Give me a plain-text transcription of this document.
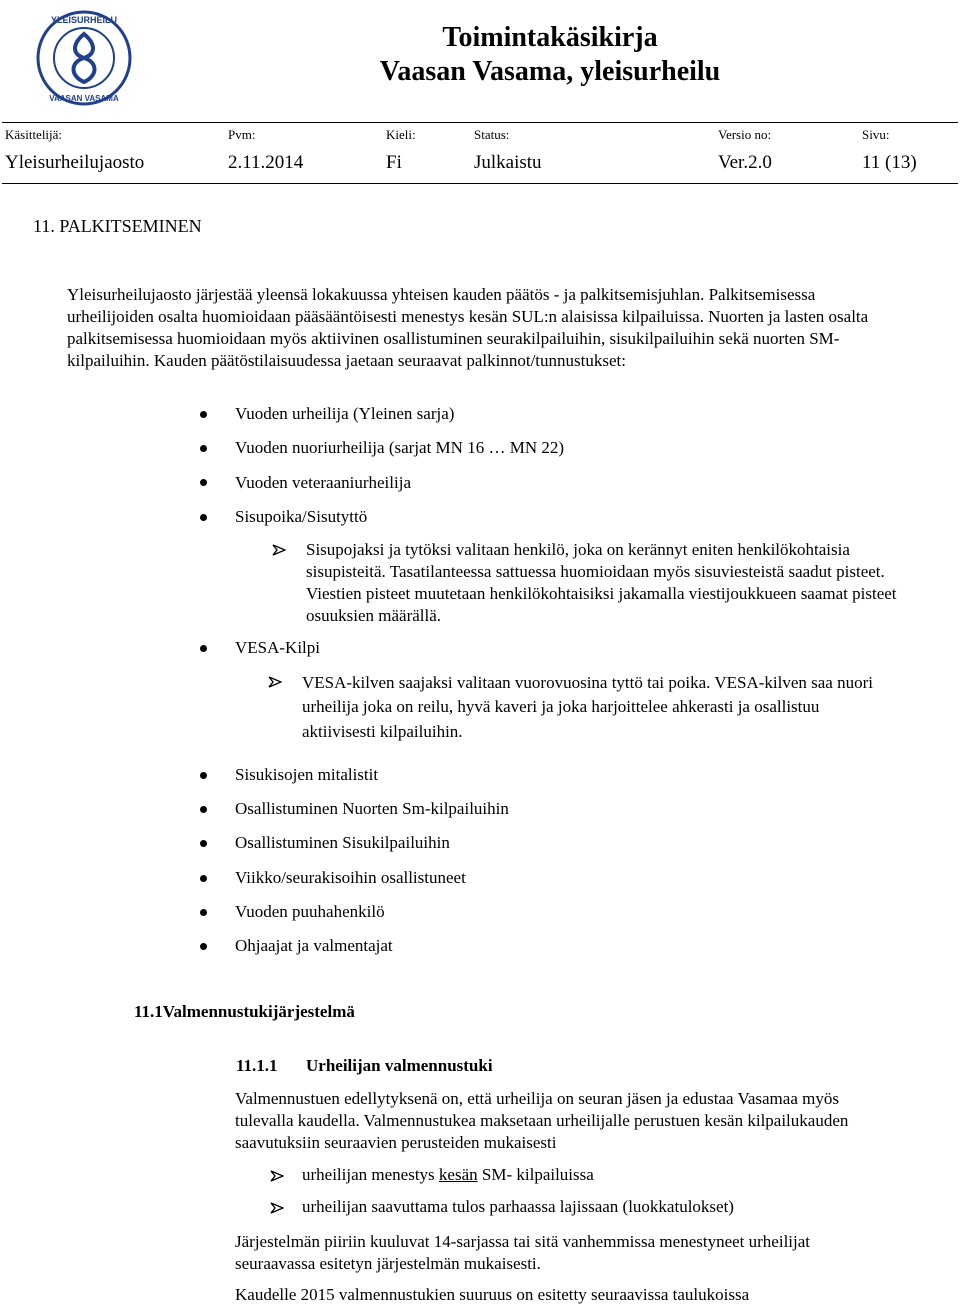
YLEISURHEILU
VAASAN VASAMA
Toimintakäsikirja
Vaasan Vasama, yleisurheilu
Käsittelijä:	Pvm:	Kieli:	Status:	Versio no:	Sivu:
Yleisurheilujaosto	2.11.2014	Fi	Julkaistu	Ver.2.0	11 (13)
11. PALKITSEMINEN
Yleisurheilujaosto järjestää yleensä lokakuussa yhteisen kauden päätös - ja palkitsemisjuhlan. Palkitsemisessa
urheilijoiden osalta huomioidaan pääsääntöisesti menestys kesän SUL:n alaisissa kilpailuissa. Nuorten ja lasten osalta
palkitsemisessa huomioidaan myös aktiivinen osallistuminen seurakilpailuihin, sisukilpailuihin sekä nuorten SM-
kilpailuihin. Kauden päätöstilaisuudessa jaetaan seuraavat palkinnot/tunnustukset:
Vuoden urheilija (Yleinen sarja)
Vuoden nuoriurheilija (sarjat MN 16 … MN 22)
Vuoden veteraaniurheilija
Sisupoika/Sisutyttö
Sisupojaksi ja tytöksi valitaan henkilö, joka on kerännyt eniten henkilökohtaisia
sisupisteitä. Tasatilanteessa sattuessa huomioidaan myös sisuviesteistä saadut pisteet.
Viestien pisteet muutetaan henkilökohtaisiksi jakamalla viestijoukkueen saamat pisteet
osuuksien määrällä.
VESA-Kilpi
VESA-kilven saajaksi valitaan vuorovuosina tyttö tai poika. VESA-kilven saa nuori
urheilija joka on reilu, hyvä kaveri ja joka harjoittelee ahkerasti ja osallistuu
aktiivisesti kilpailuihin.
Sisukisojen mitalistit
Osallistuminen Nuorten Sm-kilpailuihin
Osallistuminen Sisukilpailuihin
Viikko/seurakisoihin osallistuneet
Vuoden puuhahenkilö
Ohjaajat ja valmentajat
11.1Valmennustukijärjestelmä
11.1.1 Urheilijan valmennustuki
Valmennustuen edellytyksenä on, että urheilija on seuran jäsen ja edustaa Vasamaa myös
tulevalla kaudella. Valmennustukea maksetaan urheilijalle perustuen kesän kilpailukauden
saavutuksiin seuraavien perusteiden mukaisesti
urheilijan menestys kesän SM- kilpailuissa
urheilijan saavuttama tulos parhaassa lajissaan (luokkatulokset)
Järjestelmän piiriin kuuluvat 14-sarjassa tai sitä vanhemmissa menestyneet urheilijat
seuraavassa esitetyn järjestelmän mukaisesti.
Kaudelle 2015 valmennustukien suuruus on esitetty seuraavissa taulukoissa
